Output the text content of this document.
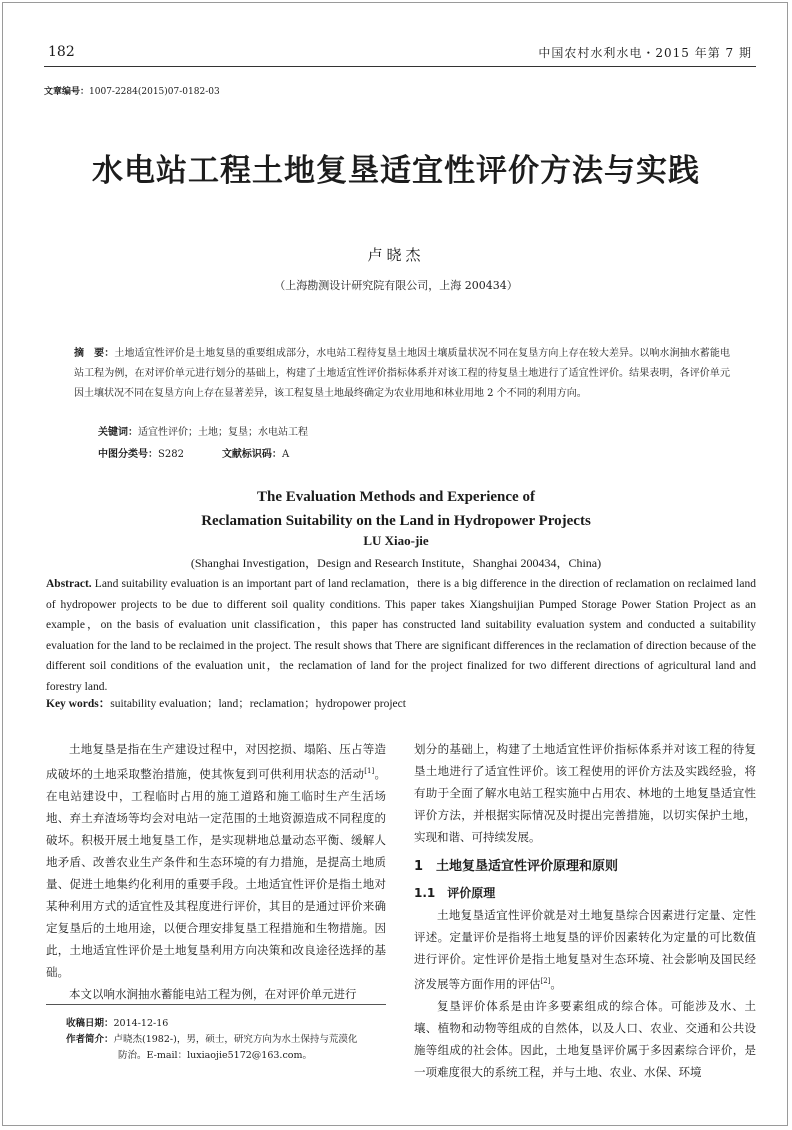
182	中国农村水利水电・2015 年第 7 期
文章编号：1007-2284(2015)07-0182-03
水电站工程土地复垦适宜性评价方法与实践
卢晓杰
（上海勘测设计研究院有限公司，上海 200434）
摘　要：土地适宜性评价是土地复垦的重要组成部分，水电站工程待复垦土地因土壤质量状况不同在复垦方向上存在较大差异。以响水涧抽水蓄能电站工程为例，在对评价单元进行划分的基础上，构建了土地适宜性评价指标体系并对该工程的待复垦土地进行了适宜性评价。结果表明，各评价单元因土壤状况不同在复垦方向上存在显著差异，该工程复垦土地最终确定为农业用地和林业用地 2 个不同的利用方向。
关键词：适宜性评价；土地；复垦；水电站工程
中图分类号：S282	文献标识码：A
The Evaluation Methods and Experience of
Reclamation Suitability on the Land in Hydropower Projects
LU Xiao-jie
(Shanghai Investigation，Design and Research Institute，Shanghai 200434，China)
Abstract. Land suitability evaluation is an important part of land reclamation，there is a big difference in the direction of reclamation on reclaimed land of hydropower projects to be due to different soil quality conditions. This paper takes Xiangshuijian Pumped Storage Power Station Project as an example，on the basis of evaluation unit classification，this paper has constructed land suitability evaluation system and conducted a suitability evaluation for the land to be reclaimed in the project. The result shows that There are significant differences in the reclamation of direction because of the different soil conditions of the evaluation unit，the reclamation of land for the project finalized for two different directions of agricultural land and forestry land.
Key words：suitability evaluation；land；reclamation；hydropower project

土地复垦是指在生产建设过程中，对因挖损、塌陷、压占等造成破坏的土地采取整治措施，使其恢复到可供利用状态的活动[1]。在电站建设中，工程临时占用的施工道路和施工临时生产生活场地、弃土弃渣场等均会对电站一定范围的土地资源造成不同程度的破坏。积极开展土地复垦工作，是实现耕地总量动态平衡、缓解人地矛盾、改善农业生产条件和生态环境的有力措施，是提高土地质量、促进土地集约化利用的重要手段。土地适宜性评价是指土地对某种利用方式的适宜性及其程度进行评价，其目的是通过评价来确定复垦后的土地用途，以便合理安排复垦工程措施和生物措施。因此，土地适宜性评价是土地复垦利用方向决策和改良途径选择的基础。

本文以响水涧抽水蓄能电站工程为例，在对评价单元进行

收稿日期：2014-12-16
作者简介：卢晓杰(1982-)，男，硕士，研究方向为水土保持与荒漠化
防治。E-mail：luxiaojie5172@163.com。

划分的基础上，构建了土地适宜性评价指标体系并对该工程的待复垦土地进行了适宜性评价。该工程使用的评价方法及实践经验，将有助于全面了解水电站工程实施中占用农、林地的土地复垦适宜性评价方法，并根据实际情况及时提出完善措施，以切实保护土地，实现和谐、可持续发展。

1　土地复垦适宜性评价原理和原则

1.1　评价原理

土地复垦适宜性评价就是对土地复垦综合因素进行定量、定性评述。定量评价是指将土地复垦的评价因素转化为定量的可比数值进行评价。定性评价是指土地复垦对生态环境、社会影响及国民经济发展等方面作用的评估[2]。

复垦评价体系是由许多要素组成的综合体。可能涉及水、土壤、植物和动物等组成的自然体，以及人口、农业、交通和公共设施等组成的社会体。因此，土地复垦评价属于多因素综合评价，是一项难度很大的系统工程，并与土地、农业、水保、环境
